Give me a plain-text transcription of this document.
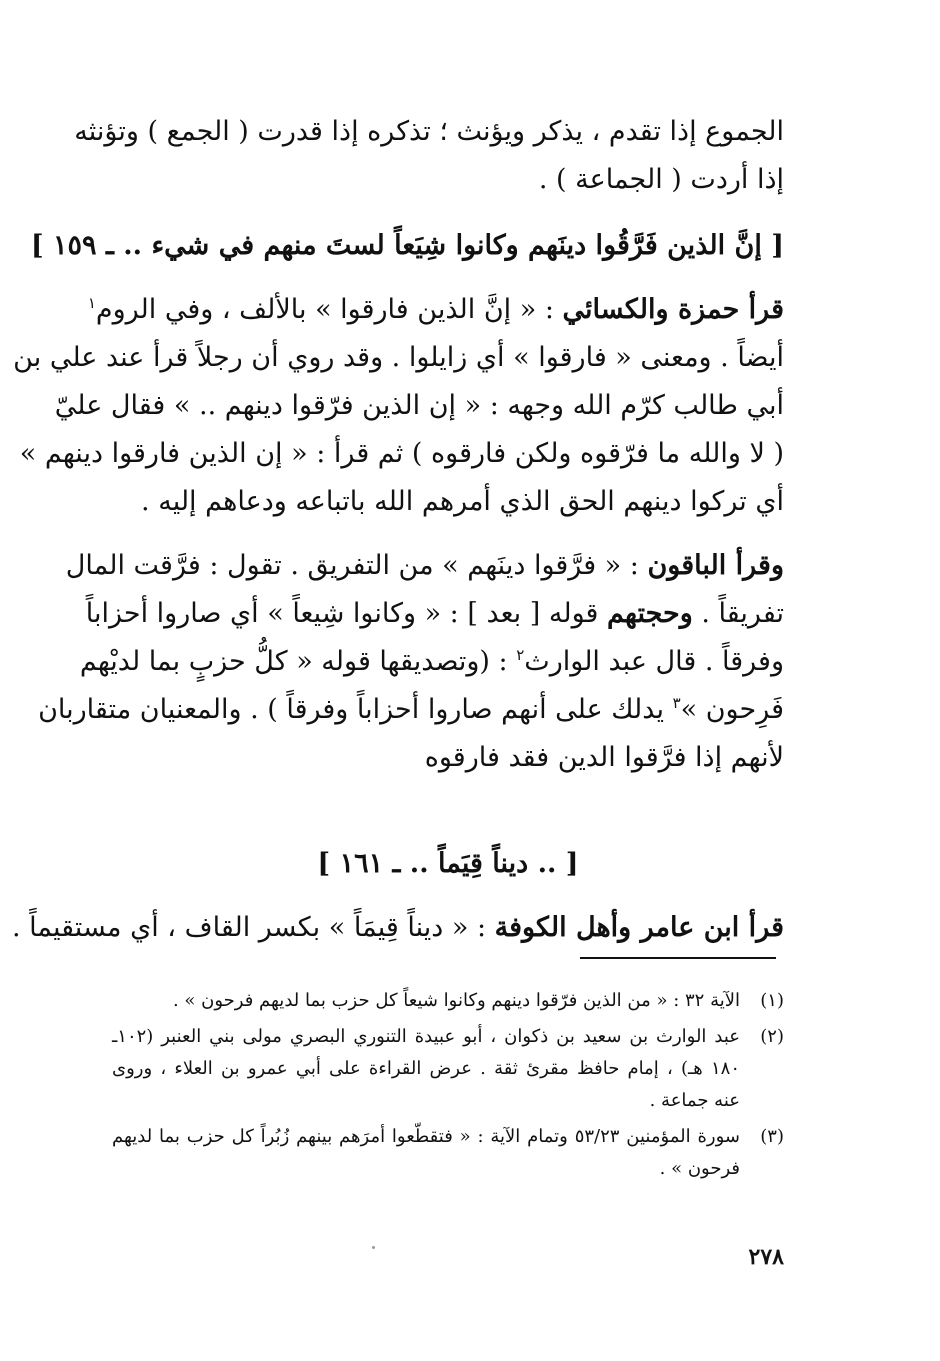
الجموع إذا تقدم ، يذكر ويؤنث ؛ تذكره إذا قدرت ( الجمع ) وتؤنثه
إذا أردت ( الجماعة ) .

[ إنَّ الذين فَرَّقُوا دينَهم وكانوا شِيَعاً لستَ منهم في شيء .. ـ ١٥٩ ]

قرأ حمزة والكسائي : « إنَّ الذين فارقوا » بالألف ، وفي الروم$^١$
أيضاً . ومعنى « فارقوا » أي زايلوا . وقد روي أن رجلاً قرأ عند علي بن
أبي طالب كرّم الله وجهه : « إن الذين فرّقوا دينهم .. » فقال عليّ
( لا والله ما فرّقوه ولكن فارقوه ) ثم قرأ : « إن الذين فارقوا دينهم »
أي تركوا دينهم الحق الذي أمرهم الله باتباعه ودعاهم إليه .

وقرأ الباقون : « فرَّقوا دينَهم » من التفريق . تقول : فرَّقت المال
تفريقاً . وحجتهم قوله [ بعد ] : « وكانوا شِيعاً » أي صاروا أحزاباً
وفرقاً . قال عبد الوارث$^٢$ : (وتصديقها قوله « كلُّ حزبٍ بما لديْهم
فَرِحون »$^٣$ يدلك على أنهم صاروا أحزاباً وفرقاً ) . والمعنيان متقاربان
لأنهم إذا فرَّقوا الدين فقد فارقوه

[ .. ديناً قِيَماً .. ـ ١٦١ ]

قرأ ابن عامر وأهل الكوفة : « ديناً قِيمَاً » بكسر القاف ، أي مستقيماً .

(١)
الآية ٣٢ : « من الذين فرّقوا دينهم وكانوا شيعاً كل حزب بما لديهم فرحون » .
(٢)
عبد الوارث بن سعيد بن ذكوان ، أبو عبيدة التنوري البصري مولى بني العنبر (١٠٢ـ
١٨٠ هـ) ، إمام حافظ مقرئ ثقة . عرض القراءة على أبي عمرو بن العلاء ، وروى
عنه جماعة .
(٣)
سورة المؤمنين ٥٣/٢٣ وتمام الآية : « فتقطّعوا أمرَهم بينهم زُبُراً كل حزب بما لديهم
فرحون » .
٢٧٨
